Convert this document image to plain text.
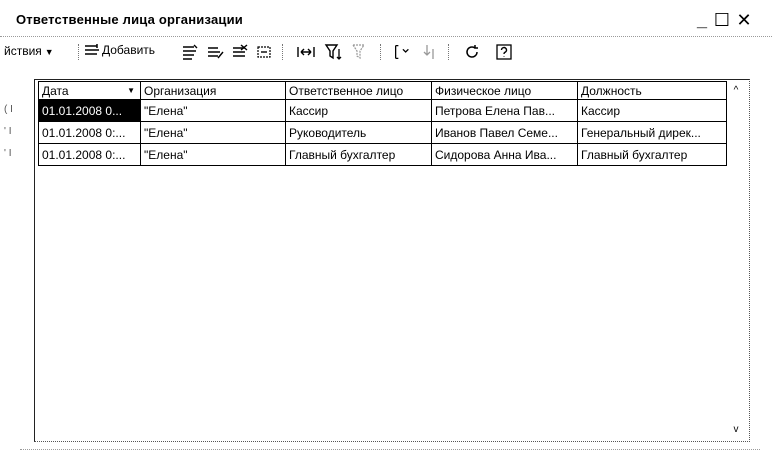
Ответственные лица организации	_ ☐ ✕
йствия ▼	Добавить
( I
' I
' I
Дата ▼	Организация	Ответственное лицо	Физическое лицо	Должность
01.01.2008 0...	"Елена"	Кассир	Петрова Елена Пав...	Кассир
01.01.2008 0:...	"Елена"	Руководитель	Иванов Павел Семе...	Генеральный дирек...
01.01.2008 0:...	"Елена"	Главный бухгалтер	Сидорова Анна Ива...	Главный бухгалтер
^
v
